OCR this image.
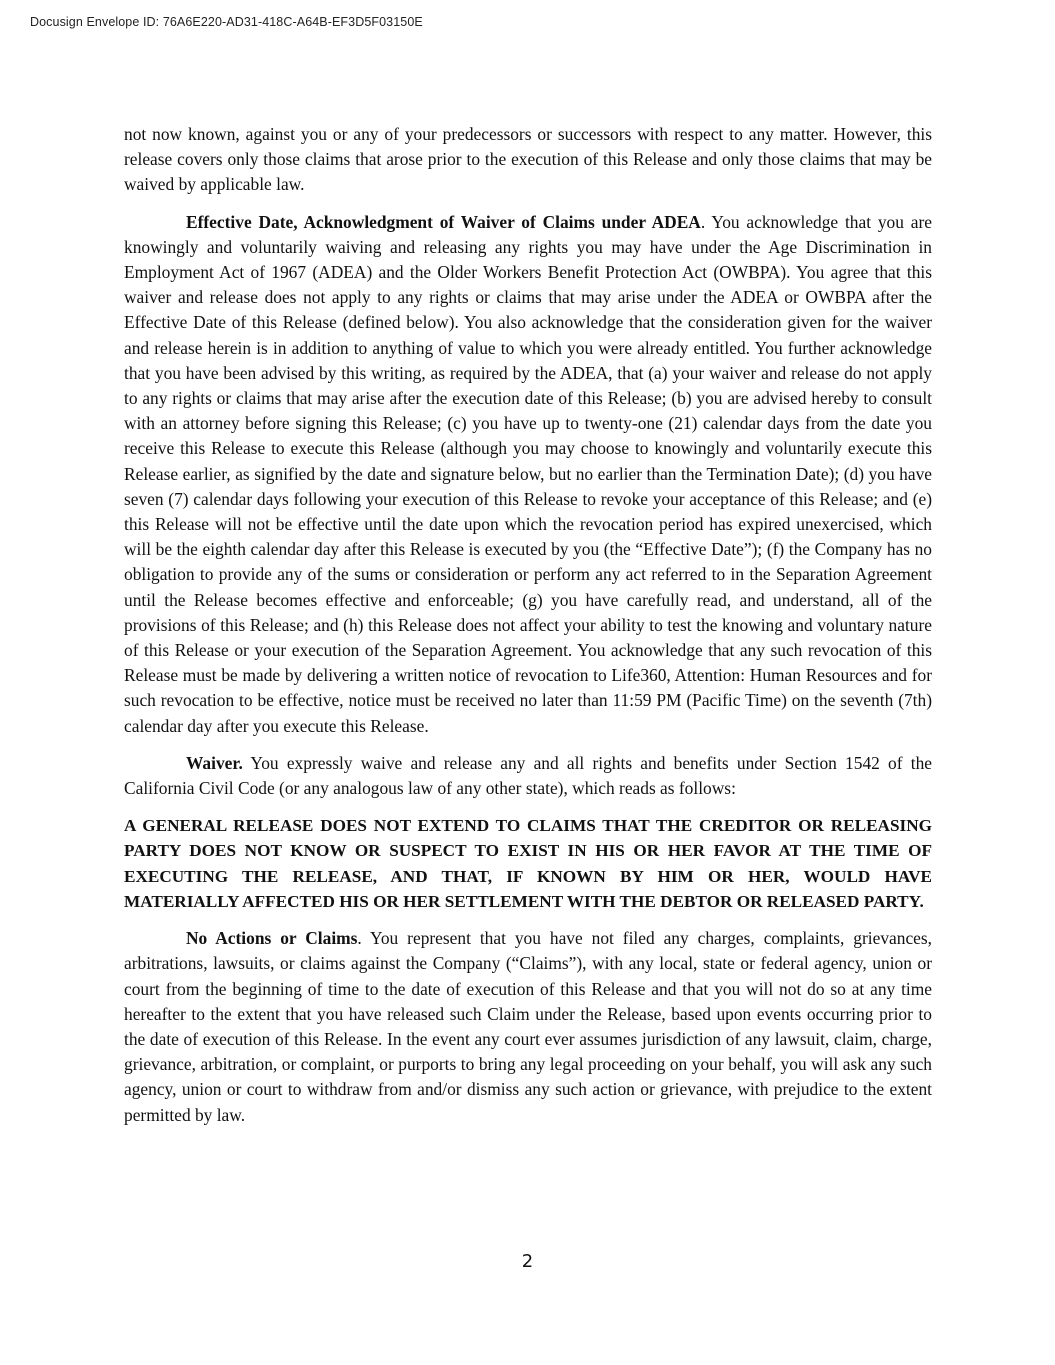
Docusign Envelope ID: 76A6E220-AD31-418C-A64B-EF3D5F03150E

not now known, against you or any of your predecessors or successors with respect to any matter. However, this release covers only those claims that arose prior to the execution of this Release and only those claims that may be waived by applicable law.

Effective Date, Acknowledgment of Waiver of Claims under ADEA. You acknowledge that you are knowingly and voluntarily waiving and releasing any rights you may have under the Age Discrimination in Employment Act of 1967 (ADEA) and the Older Workers Benefit Protection Act (OWBPA). You agree that this waiver and release does not apply to any rights or claims that may arise under the ADEA or OWBPA after the Effective Date of this Release (defined below). You also acknowledge that the consideration given for the waiver and release herein is in addition to anything of value to which you were already entitled. You further acknowledge that you have been advised by this writing, as required by the ADEA, that (a) your waiver and release do not apply to any rights or claims that may arise after the execution date of this Release; (b) you are advised hereby to consult with an attorney before signing this Release; (c) you have up to twenty-one (21) calendar days from the date you receive this Release to execute this Release (although you may choose to knowingly and voluntarily execute this Release earlier, as signified by the date and signature below, but no earlier than the Termination Date); (d) you have seven (7) calendar days following your execution of this Release to revoke your acceptance of this Release; and (e) this Release will not be effective until the date upon which the revocation period has expired unexercised, which will be the eighth calendar day after this Release is executed by you (the “Effective Date”); (f) the Company has no obligation to provide any of the sums or consideration or perform any act referred to in the Separation Agreement until the Release becomes effective and enforceable; (g) you have carefully read, and understand, all of the provisions of this Release; and (h) this Release does not affect your ability to test the knowing and voluntary nature of this Release or your execution of the Separation Agreement. You acknowledge that any such revocation of this Release must be made by delivering a written notice of revocation to Life360, Attention: Human Resources and for such revocation to be effective, notice must be received no later than 11:59 PM (Pacific Time) on the seventh (7th) calendar day after you execute this Release.

Waiver. You expressly waive and release any and all rights and benefits under Section 1542 of the California Civil Code (or any analogous law of any other state), which reads as follows:

A GENERAL RELEASE DOES NOT EXTEND TO CLAIMS THAT THE CREDITOR OR RELEASING PARTY DOES NOT KNOW OR SUSPECT TO EXIST IN HIS OR HER FAVOR AT THE TIME OF EXECUTING THE RELEASE, AND THAT, IF KNOWN BY HIM OR HER, WOULD HAVE MATERIALLY AFFECTED HIS OR HER SETTLEMENT WITH THE DEBTOR OR RELEASED PARTY.

No Actions or Claims. You represent that you have not filed any charges, complaints, grievances, arbitrations, lawsuits, or claims against the Company (“Claims”), with any local, state or federal agency, union or court from the beginning of time to the date of execution of this Release and that you will not do so at any time hereafter to the extent that you have released such Claim under the Release, based upon events occurring prior to the date of execution of this Release. In the event any court ever assumes jurisdiction of any lawsuit, claim, charge, grievance, arbitration, or complaint, or purports to bring any legal proceeding on your behalf, you will ask any such agency, union or court to withdraw from and/or dismiss any such action or grievance, with prejudice to the extent permitted by law.

2
